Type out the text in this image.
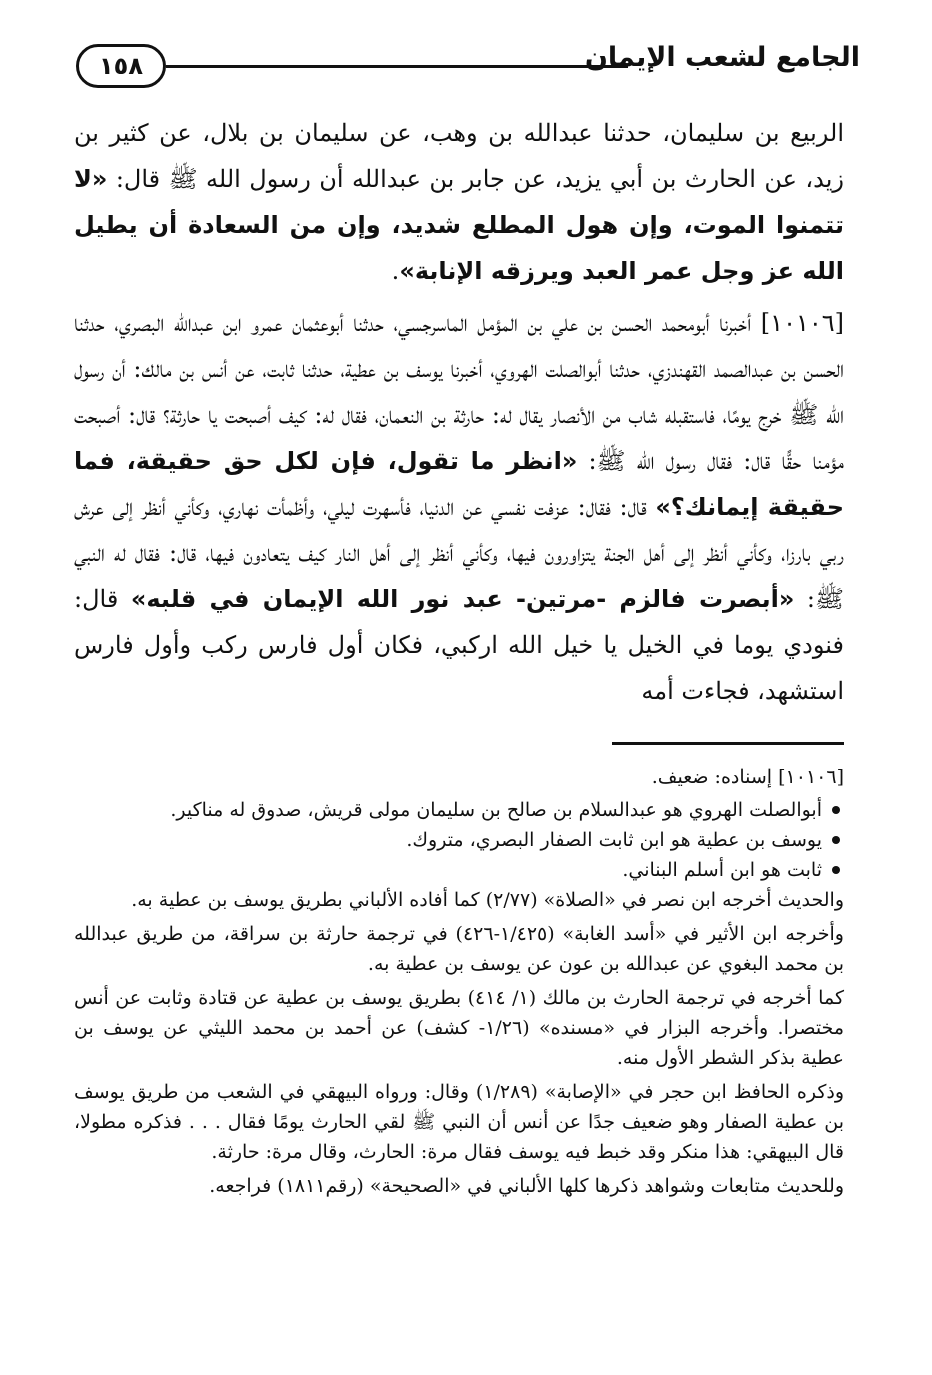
١٥٨	الجامع لشعب الإيمان

الربيع بن سليمان، حدثنا عبدالله بن وهب، عن سليمان بن بلال، عن كثير بن زيد، عن الحارث بن أبي يزيد، عن جابر بن عبدالله أن رسول الله ﷺ قال: «لا تتمنوا الموت، وإن هول المطلع شديد، وإن من السعادة أن يطيل الله عز وجل عمر العبد ويرزقه الإنابة».

[١٠١٠٦] أخبرنا أبومحمد الحسن بن علي بن المؤمل الماسرجسي، حدثنا أبوعثمان عمرو ابن عبدالله البصري، حدثنا الحسن بن عبدالصمد القهندزي، حدثنا أبوالصلت الهروي، أخبرنا يوسف بن عطية، حدثنا ثابت، عن أنس بن مالك: أن رسول الله ﷺ خرج يومًا، فاستقبله شاب من الأنصار يقال له: حارثة بن النعمان، فقال له: كيف أصبحت يا حارثة؟ قال: أصبحت مؤمنا حقًّا قال: فقال رسول الله ﷺ: «انظر ما تقول، فإن لكل حق حقيقة، فما حقيقة إيمانك؟» قال: فقال: عزفت نفسي عن الدنيا، فأسهرت ليلي، وأظمأت نهاري، وكأني أنظر إلى عرش ربي بارزا، وكأني أنظر إلى أهل الجنة يتزاورون فيها، وكأني أنظر إلى أهل النار كيف يتعادون فيها، قال: فقال له النبي ﷺ: «أبصرت فالزم -مرتين- عبد نور الله الإيمان في قلبه» قال: فنودي يوما في الخيل يا خيل الله اركبي، فكان أول فارس ركب وأول فارس استشهد، فجاءت أمه

[١٠١٠٦] إسناده: ضعيف.
أبوالصلت الهروي هو عبدالسلام بن صالح بن سليمان مولى قريش، صدوق له مناكير.
يوسف بن عطية هو ابن ثابت الصفار البصري، متروك.
ثابت هو ابن أسلم البناني.

والحديث أخرجه ابن نصر في «الصلاة» (٢/٧٧) كما أفاده الألباني بطريق يوسف بن عطية به.

وأخرجه ابن الأثير في «أسد الغابة» (١/٤٢٥-٤٢٦) في ترجمة حارثة بن سراقة، من طريق عبدالله بن محمد البغوي عن عبدالله بن عون عن يوسف بن عطية به.

كما أخرجه في ترجمة الحارث بن مالك (١/ ٤١٤) بطريق يوسف بن عطية عن قتادة وثابت عن أنس مختصرا. وأخرجه البزار في «مسنده» (١/٢٦- كشف) عن أحمد بن محمد الليثي عن يوسف بن عطية بذكر الشطر الأول منه.

وذكره الحافظ ابن حجر في «الإصابة» (١/٢٨٩) وقال: ورواه البيهقي في الشعب من طريق يوسف بن عطية الصفار وهو ضعيف جدًا عن أنس أن النبي ﷺ لقي الحارث يومًا فقال . . . فذكره مطولا، قال البيهقي: هذا منكر وقد خبط فيه يوسف فقال مرة: الحارث، وقال مرة: حارثة.

وللحديث متابعات وشواهد ذكرها كلها الألباني في «الصحيحة» (رقم١٨١١) فراجعه.
